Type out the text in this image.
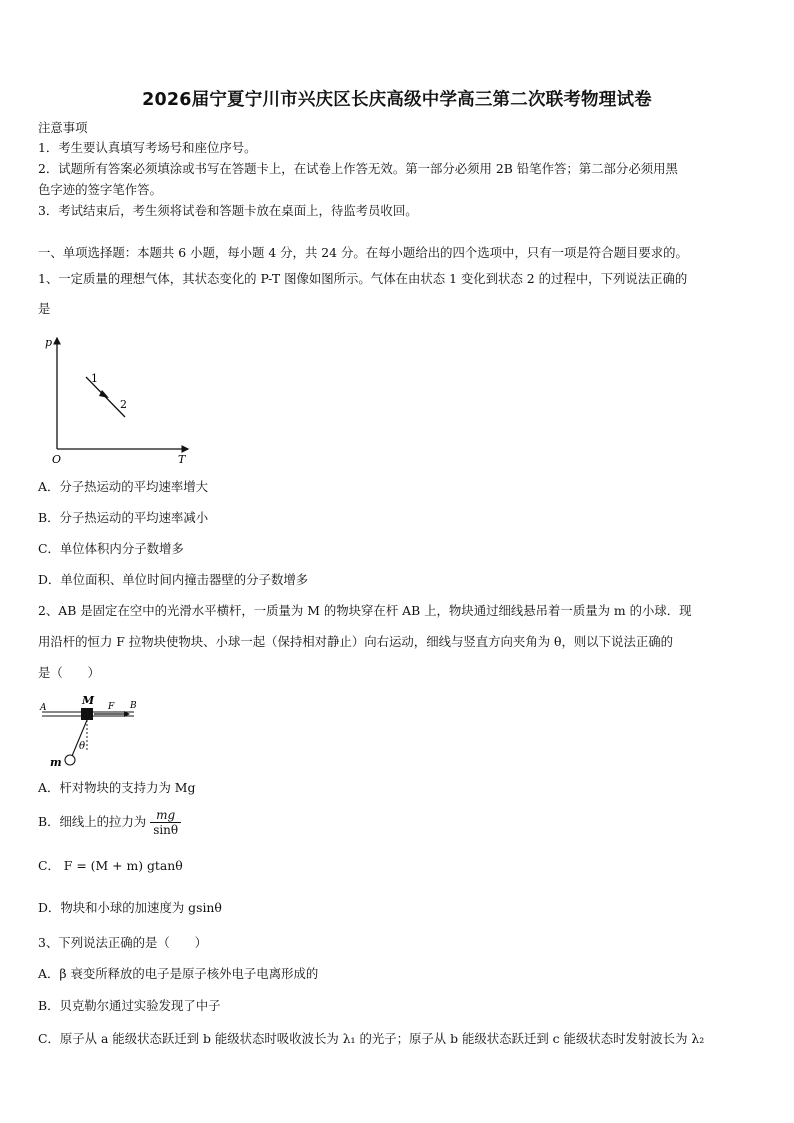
2026届宁夏宁川市兴庆区长庆高级中学高三第二次联考物理试卷
注意事项
1．考生要认真填写考场号和座位序号。
2．试题所有答案必须填涂或书写在答题卡上，在试卷上作答无效。第一部分必须用 2B 铅笔作答；第二部分必须用黑
色字迹的签字笔作答。
3．考试结束后，考生须将试卷和答题卡放在桌面上，待监考员收回。
一、单项选择题：本题共 6 小题，每小题 4 分，共 24 分。在每小题给出的四个选项中，只有一项是符合题目要求的。
1、一定质量的理想气体，其状态变化的 P-T 图像如图所示。气体在由状态 1 变化到状态 2 的过程中，下列说法正确的
是
p
T
O
1
2
A．分子热运动的平均速率增大
B．分子热运动的平均速率减小
C．单位体积内分子数增多
D．单位面积、单位时间内撞击器壁的分子数增多
2、AB 是固定在空中的光滑水平横杆，一质量为 M 的物块穿在杆 AB 上，物块通过细线悬吊着一质量为 m 的小球．现
用沿杆的恒力 F 拉物块使物块、小球一起（保持相对静止）向右运动，细线与竖直方向夹角为 θ，则以下说法正确的
是（　　）
A	B
M F
θ
m
A．杆对物块的支持力为 Mg
B．细线上的拉力为 $\frac{mg}{\sin\theta}$
C． F = (M + m) gtanθ
D．物块和小球的加速度为 gsinθ
3、下列说法正确的是（　　）
A．β 衰变所释放的电子是原子核外电子电离形成的
B．贝克勒尔通过实验发现了中子
C．原子从 a 能级状态跃迁到 b 能级状态时吸收波长为 λ₁ 的光子；原子从 b 能级状态跃迁到 c 能级状态时发射波长为 λ₂
